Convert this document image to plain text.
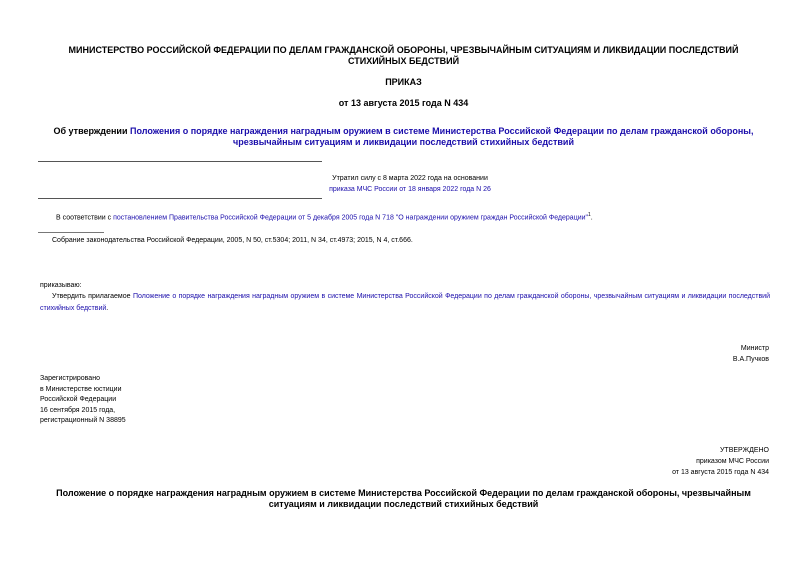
МИНИСТЕРСТВО РОССИЙСКОЙ ФЕДЕРАЦИИ ПО ДЕЛАМ ГРАЖДАНСКОЙ ОБОРОНЫ, ЧРЕЗВЫЧАЙНЫМ СИТУАЦИЯМ И ЛИКВИДАЦИИ ПОСЛЕДСТВИЙ СТИХИЙНЫХ БЕДСТВИЙ
ПРИКАЗ
от 13 августа 2015 года N 434
Об утверждении Положения о порядке награждения наградным оружием в системе Министерства Российской Федерации по делам гражданской обороны, чрезвычайным ситуациям и ликвидации последствий стихийных бедствий
Утратил силу с 8 марта 2022 года на основании
приказа МЧС России от 18 января 2022 года N 26
В соответствии с постановлением Правительства Российской Федерации от 5 декабря 2005 года N 718 "О награждении оружием граждан Российской Федерации"$^1$.
Собрание законодательства Российской Федерации, 2005, N 50, ст.5304; 2011, N 34, ст.4973; 2015, N 4, ст.666.
приказываю:
Утвердить прилагаемое Положение о порядке награждения наградным оружием в системе Министерства Российской Федерации по делам гражданской обороны, чрезвычайным ситуациям и ликвидации последствий стихийных бедствий.
Министр
В.А.Пучков
Зарегистрировано
в Министерстве юстиции
Российской Федерации
16 сентября 2015 года,
регистрационный N 38895
УТВЕРЖДЕНО
приказом МЧС России
от 13 августа 2015 года N 434
Положение о порядке награждения наградным оружием в системе Министерства Российской Федерации по делам гражданской обороны, чрезвычайным ситуациям и ликвидации последствий стихийных бедствий
